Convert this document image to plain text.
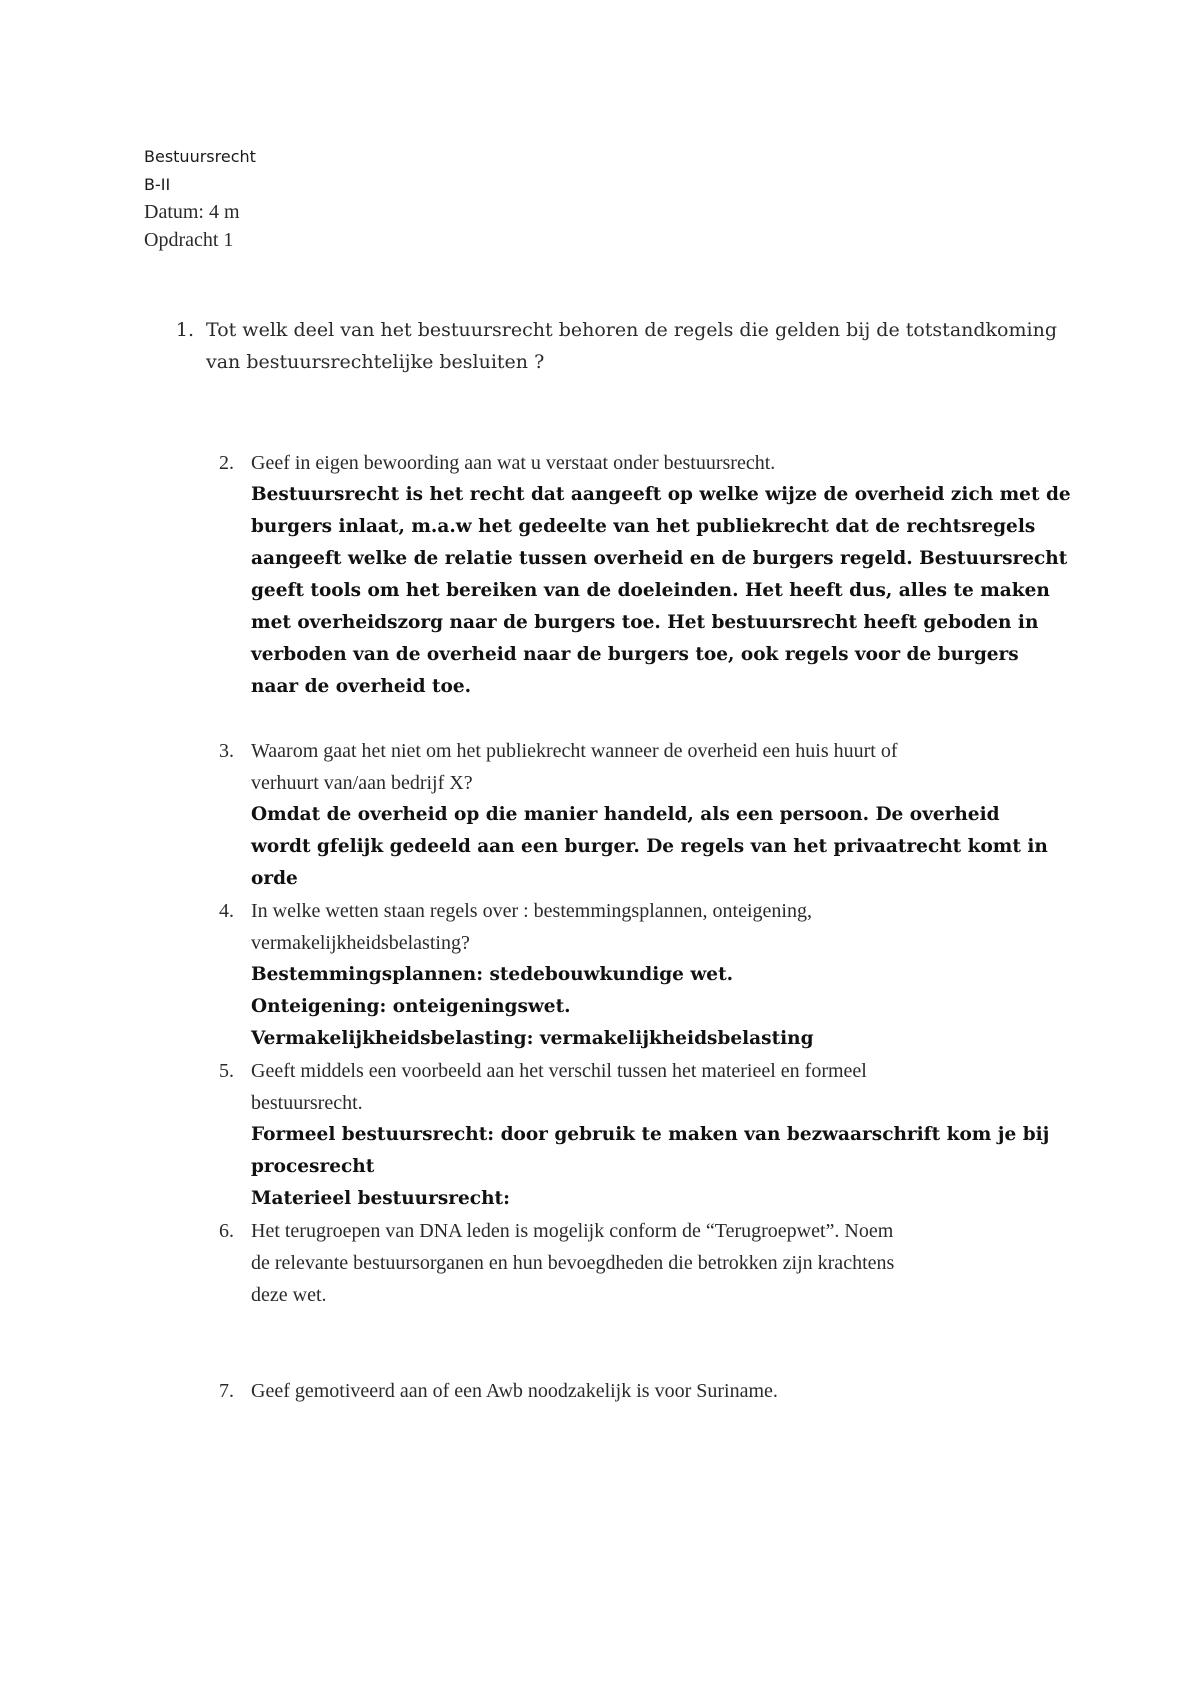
Bestuursrecht
B-II
Datum: 4 m
Opdracht 1
1. Tot welk deel van het bestuursrecht behoren de regels die gelden bij de totstandkoming
van bestuursrechtelijke besluiten ?
2. Geef in eigen bewoording aan wat u verstaat onder bestuursrecht.
Bestuursrecht is het recht dat aangeeft op welke wijze de overheid zich met de
burgers inlaat, m.a.w het gedeelte van het publiekrecht dat de rechtsregels
aangeeft welke de relatie tussen overheid en de burgers regeld. Bestuursrecht
geeft tools om het bereiken van de doeleinden. Het heeft dus, alles te maken
met overheidszorg naar de burgers toe. Het bestuursrecht heeft geboden in
verboden van de overheid naar de burgers toe, ook regels voor de burgers
naar de overheid toe.
3. Waarom gaat het niet om het publiekrecht wanneer de overheid een huis huurt of
verhuurt van/aan bedrijf X?
Omdat de overheid op die manier handeld, als een persoon. De overheid
wordt gfelijk gedeeld aan een burger. De regels van het privaatrecht komt in
orde
4. In welke wetten staan regels over : bestemmingsplannen, onteigening,
vermakelijkheidsbelasting?
Bestemmingsplannen: stedebouwkundige wet.
Onteigening: onteigeningswet.
Vermakelijkheidsbelasting: vermakelijkheidsbelasting
5. Geeft middels een voorbeeld aan het verschil tussen het materieel en formeel
bestuursrecht.
Formeel bestuursrecht: door gebruik te maken van bezwaarschrift kom je bij
procesrecht
Materieel bestuursrecht:
6. Het terugroepen van DNA leden is mogelijk conform de “Terugroepwet”. Noem
de relevante bestuursorganen en hun bevoegdheden die betrokken zijn krachtens
deze wet.
7. Geef gemotiveerd aan of een Awb noodzakelijk is voor Suriname.
